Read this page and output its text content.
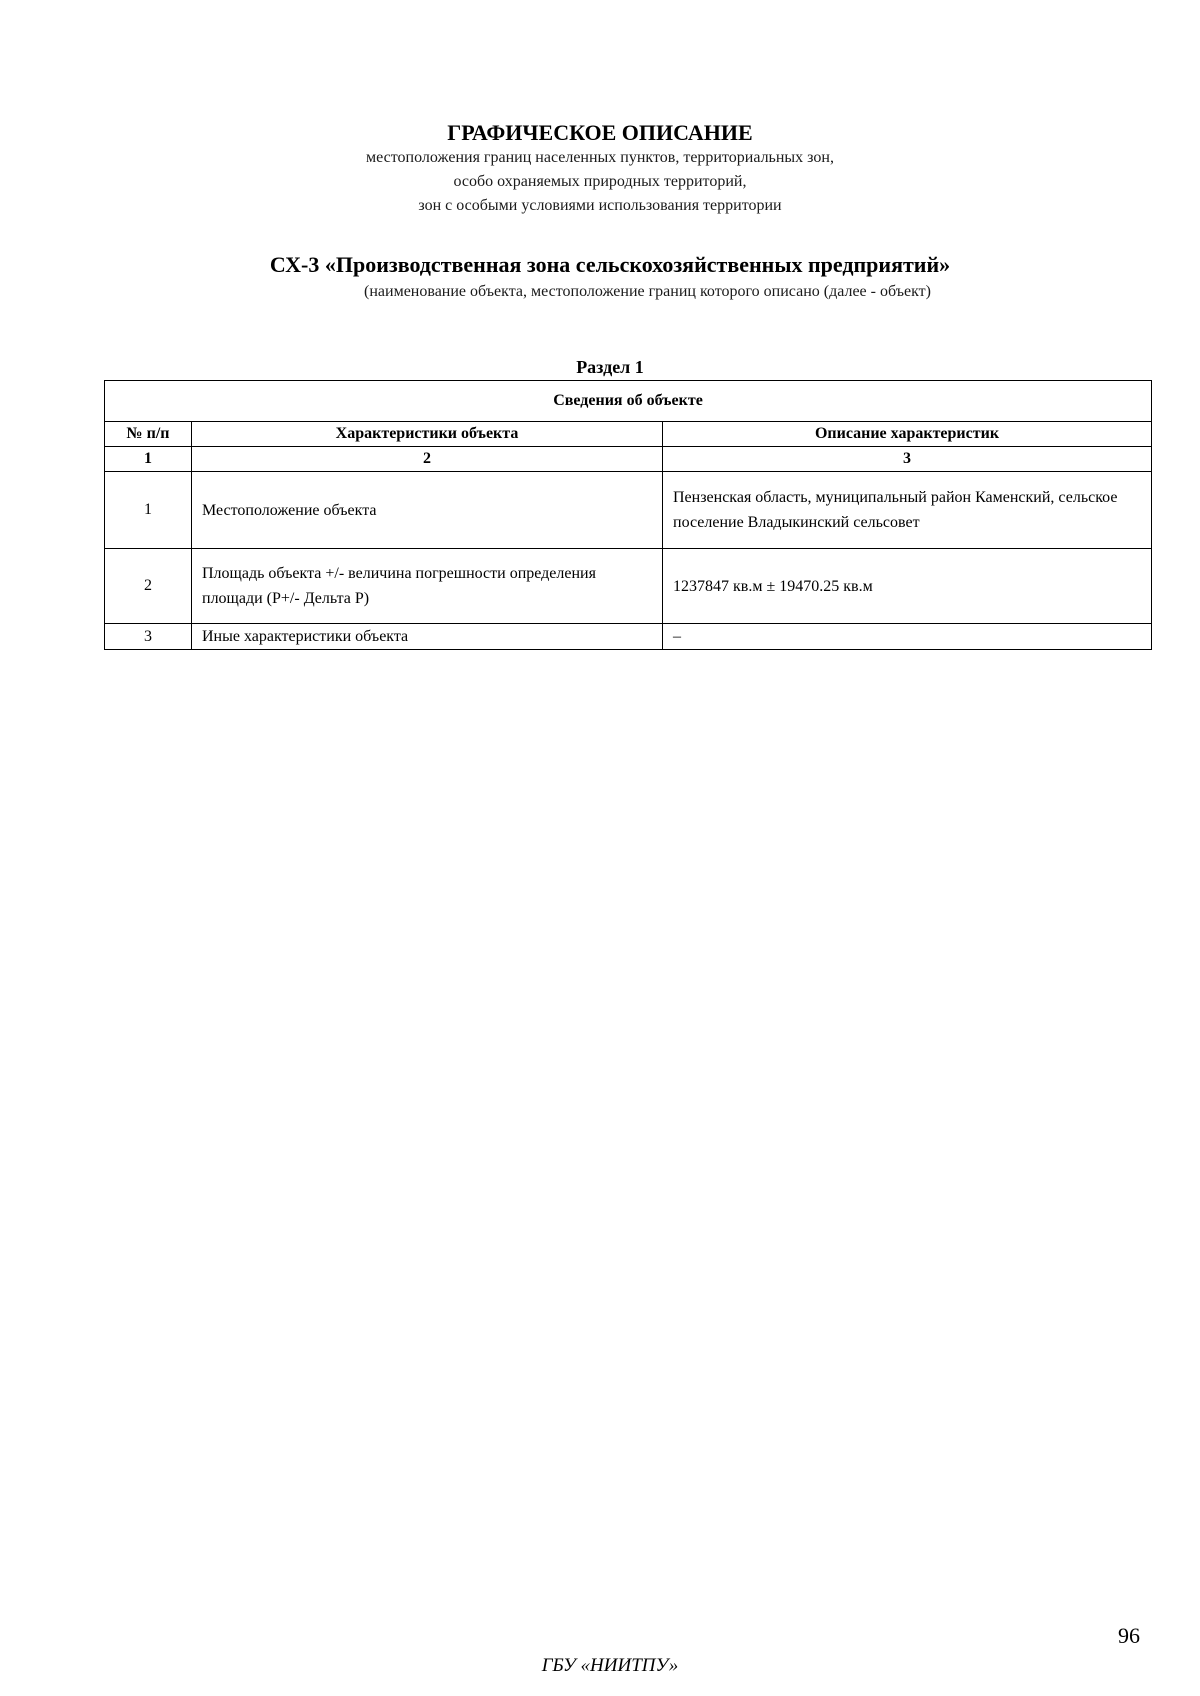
ГРАФИЧЕСКОЕ ОПИСАНИЕ

местоположения границ населенных пунктов, территориальных зон,

особо охраняемых природных территорий,

зон с особыми условиями использования территории

СХ-3 «Производственная зона сельскохозяйственных предприятий»

(наименование объекта, местоположение границ которого описано (далее - объект)

Раздел 1
Сведения об объекте		
№ п/п	Характеристики объекта	Описание характеристик
1	2	3
1	Местоположение объекта	Пензенская область, муниципальный район Каменский, сельское поселение Владыкинский сельсовет
2	Площадь объекта +/- величина погрешности определения площади (Р+/- Дельта Р)	1237847 кв.м ± 19470.25 кв.м
3	Иные характеристики объекта	–
96
ГБУ «НИИТПУ»
